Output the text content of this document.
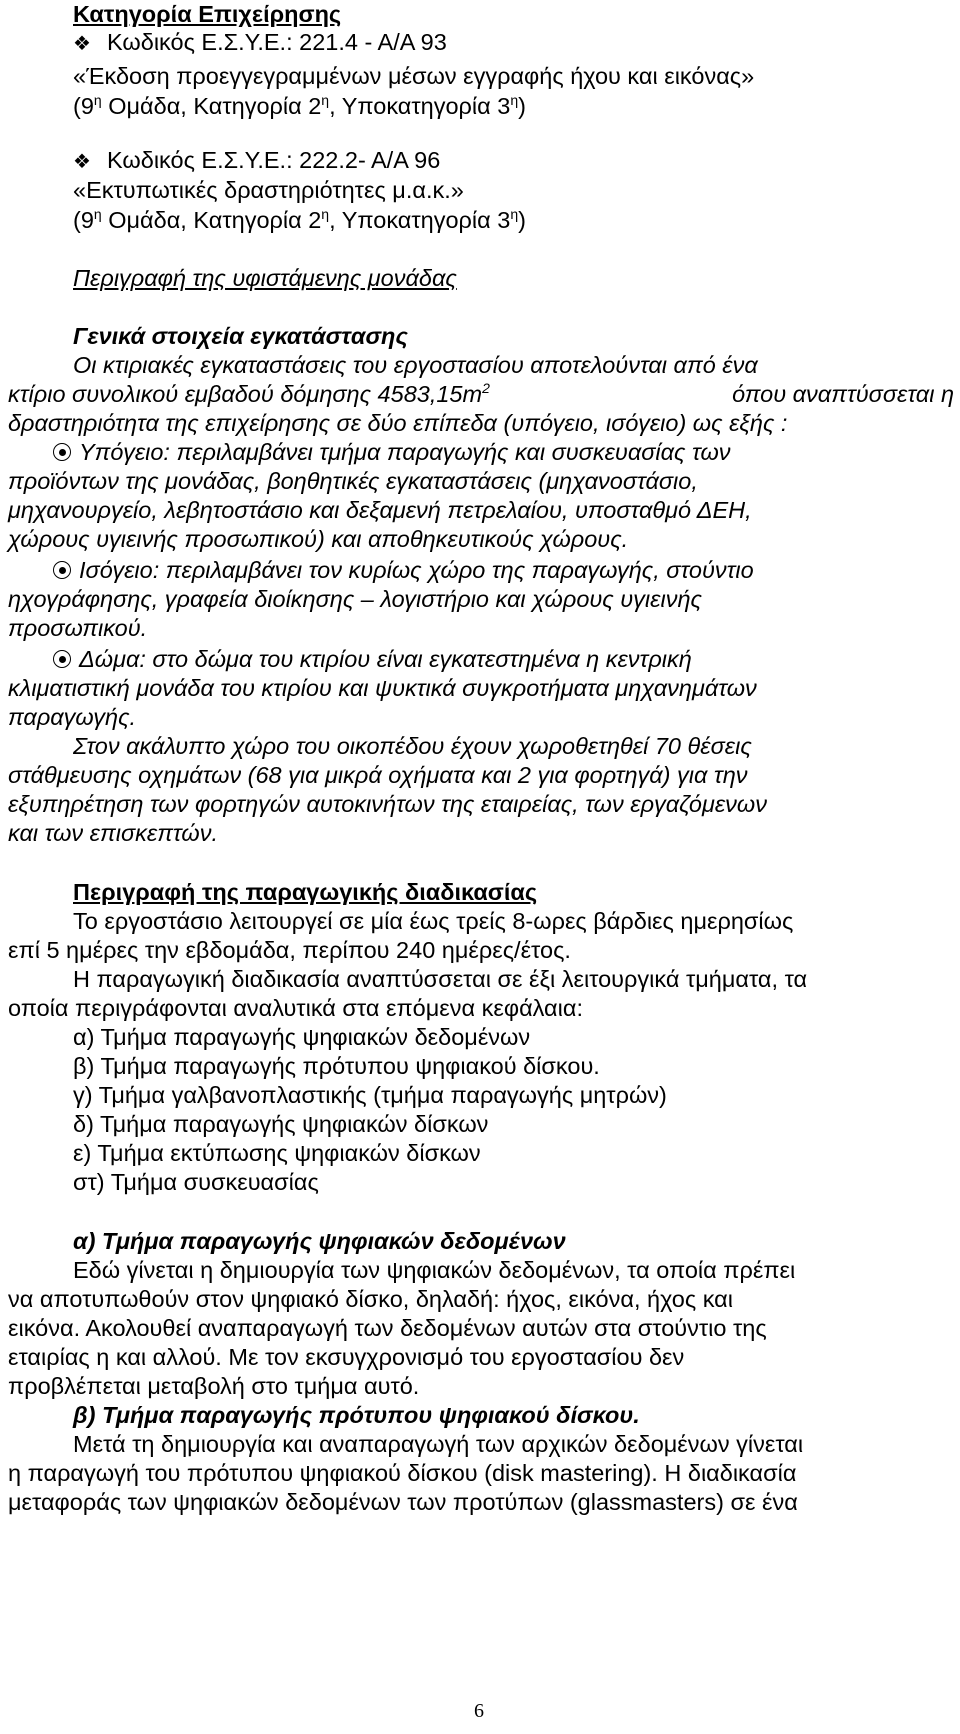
Κατηγορία Επιχείρησης
❖ Κωδικός Ε.Σ.Υ.Ε.: 221.4 - Α/Α 93
«Έκδοση προεγγεγραμμένων μέσων εγγραφής ήχου και εικόνας»
($9^\eta$ Ομάδα, Κατηγορία $2^\eta$, Υποκατηγορία $3^\eta$)
❖ Κωδικός Ε.Σ.Υ.Ε.: 222.2- Α/Α 96
«Εκτυπωτικές δραστηριότητες μ.α.κ.»
($9^\eta$ Ομάδα, Κατηγορία $2^\eta$, Υποκατηγορία $3^\eta$)
Περιγραφή της υφιστάμενης μονάδας
Γενικά στοιχεία εγκατάστασης
Οι κτιριακές εγκαταστάσεις του εργοστασίου αποτελούνται από ένα
κτίριο συνολικού εμβαδού δόμησης $4583,15m^2$	όπου αναπτύσσεται η
δραστηριότητα της επιχείρησης σε δύο επίπεδα (υπόγειο, ισόγειο) ως εξής :
Υπόγειο: περιλαμβάνει τμήμα παραγωγής και συσκευασίας των
προϊόντων της μονάδας, βοηθητικές εγκαταστάσεις (μηχανοστάσιο,
μηχανουργείο, λεβητοστάσιο και δεξαμενή πετρελαίου, υποσταθμό ΔΕΗ,
χώρους υγιεινής προσωπικού) και αποθηκευτικούς χώρους.
Ισόγειο: περιλαμβάνει τον κυρίως χώρο της παραγωγής, στούντιο
ηχογράφησης, γραφεία διοίκησης – λογιστήριο και χώρους υγιεινής
προσωπικού.
Δώμα: στο δώμα του κτιρίου είναι εγκατεστημένα η κεντρική
κλιματιστική μονάδα του κτιρίου και ψυκτικά συγκροτήματα μηχανημάτων
παραγωγής.
Στον ακάλυπτο χώρο του οικοπέδου έχουν χωροθετηθεί 70 θέσεις
στάθμευσης οχημάτων (68 για μικρά οχήματα και 2 για φορτηγά) για την
εξυπηρέτηση των φορτηγών αυτοκινήτων της εταιρείας, των εργαζόμενων
και των επισκεπτών.
Περιγραφή της παραγωγικής διαδικασίας
Το εργοστάσιο λειτουργεί σε μία έως τρείς 8-ωρες βάρδιες ημερησίως
επί 5 ημέρες την εβδομάδα, περίπου 240 ημέρες/έτος.
Η παραγωγική διαδικασία αναπτύσσεται σε έξι λειτουργικά τμήματα, τα
οποία περιγράφονται αναλυτικά στα επόμενα κεφάλαια:
α) Τμήμα παραγωγής ψηφιακών δεδομένων
β) Τμήμα παραγωγής πρότυπου ψηφιακού δίσκου.
γ) Τμήμα γαλβανοπλαστικής (τμήμα παραγωγής μητρών)
δ) Τμήμα παραγωγής ψηφιακών δίσκων
ε) Τμήμα εκτύπωσης ψηφιακών δίσκων
στ) Τμήμα συσκευασίας
α) Τμήμα παραγωγής ψηφιακών δεδομένων
Εδώ γίνεται η δημιουργία των ψηφιακών δεδομένων, τα οποία πρέπει
να αποτυπωθούν στον ψηφιακό δίσκο, δηλαδή: ήχος, εικόνα, ήχος και
εικόνα. Ακολουθεί αναπαραγωγή των δεδομένων αυτών στα στούντιο της
εταιρίας η και αλλού. Με τον εκσυγχρονισμό του εργοστασίου δεν
προβλέπεται μεταβολή στο τμήμα αυτό.
β) Τμήμα παραγωγής πρότυπου ψηφιακού δίσκου.
Μετά τη δημιουργία και αναπαραγωγή των αρχικών δεδομένων γίνεται
η παραγωγή του πρότυπου ψηφιακού δίσκου (disk mastering). Η διαδικασία
μεταφοράς των ψηφιακών δεδομένων των προτύπων (glassmasters) σε ένα
6
